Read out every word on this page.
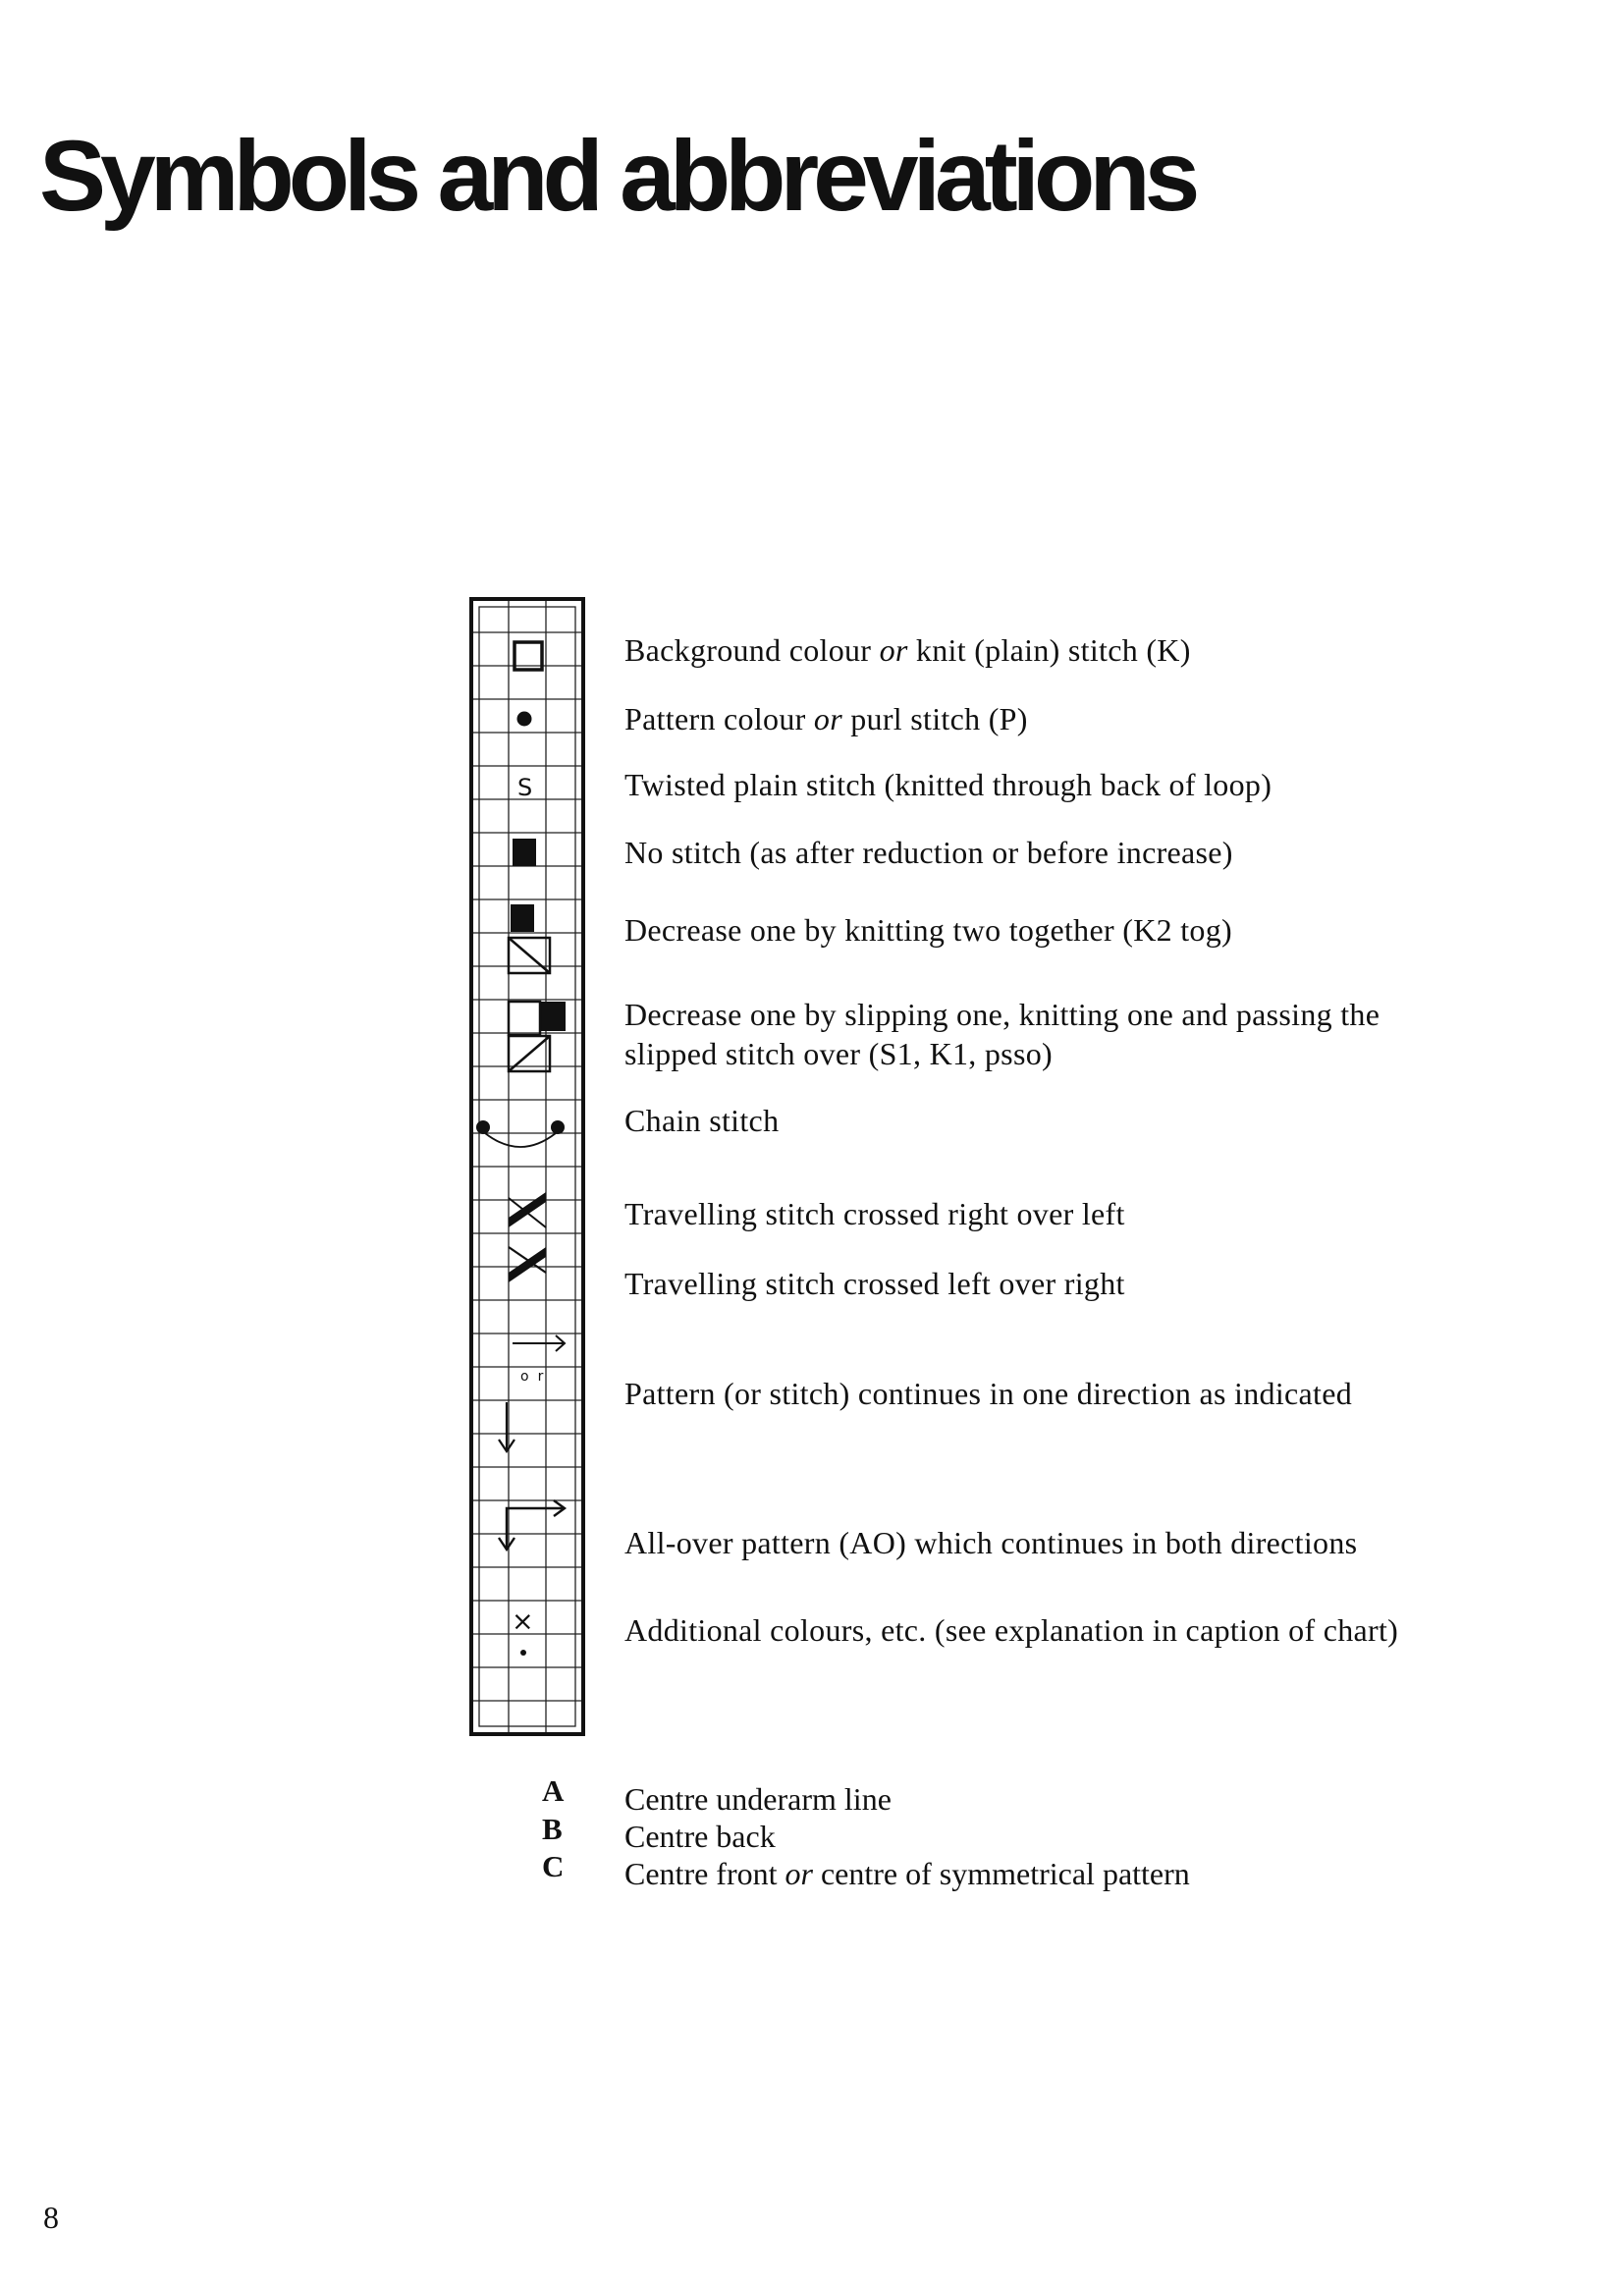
Symbols and abbreviations
S
or
×
Background colour or knit (plain) stitch (K)
Pattern colour or purl stitch (P)
Twisted plain stitch (knitted through back of loop)
No stitch (as after reduction or before increase)
Decrease one by knitting two together (K2 tog)
Decrease one by slipping one, knitting one and passing the
slipped stitch over (S1, K1, psso)
Chain stitch
Travelling stitch crossed right over left
Travelling stitch crossed left over right
Pattern (or stitch) continues in one direction as indicated
All-over pattern (AO) which continues in both directions
Additional colours, etc. (see explanation in caption of chart)
A
B
C
Centre underarm line
Centre back
Centre front or centre of symmetrical pattern
8
